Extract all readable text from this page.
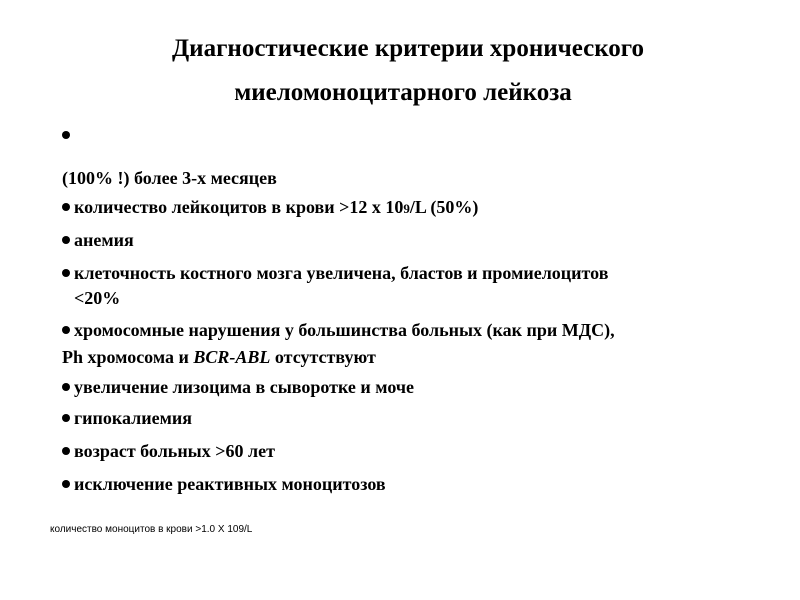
Диагностические критерии хронического
миеломоноцитарного лейкоза
(100% !) более 3-х месяцев
количество лейкоцитов в крови >12 х 109/L (50%)
анемия
клеточность костного мозга увеличена, бластов и промиелоцитов
<20%
хромосомные нарушения у большинства больных (как при МДС),
Ph хромосома и BCR-ABL отсутствуют
увеличение лизоцима в сыворотке и моче
гипокалиемия
возраст больных >60 лет
исключение реактивных моноцитозов
количество моноцитов в крови >1.0 X 109/L
